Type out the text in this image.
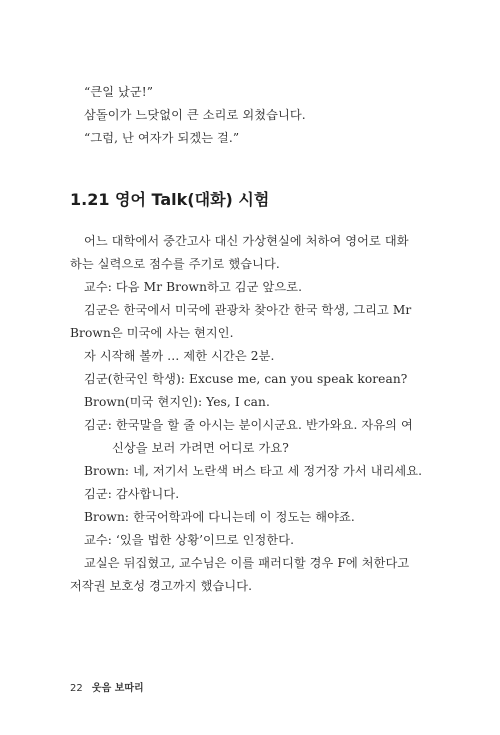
“큰일 났군!”
삼돌이가 느닷없이 큰 소리로 외쳤습니다.
“그럼, 난 여자가 되겠는 걸.”
1.21 영어 Talk(대화) 시험
어느 대학에서 중간고사 대신 가상현실에 처하여 영어로 대화
하는 실력으로 점수를 주기로 했습니다.
교수: 다음 Mr Brown하고 김군 앞으로.
김군은 한국에서 미국에 관광차 찾아간 한국 학생, 그리고 Mr
Brown은 미국에 사는 현지인.
자 시작해 볼까 … 제한 시간은 2분.
김군(한국인 학생): Excuse me, can you speak korean?
Brown(미국 현지인): Yes, I can.
김군: 한국말을 할 줄 아시는 분이시군요. 반가와요. 자유의 여
신상을 보러 가려면 어디로 가요?
Brown: 네, 저기서 노란색 버스 타고 세 정거장 가서 내리세요.
김군: 감사합니다.
Brown: 한국어학과에 다니는데 이 정도는 해야죠.
교수: ‘있을 법한 상황’이므로 인정한다.
교실은 뒤집혔고, 교수님은 이를 패러디할 경우 F에 처한다고
저작권 보호성 경고까지 했습니다.
22 웃음 보따리
